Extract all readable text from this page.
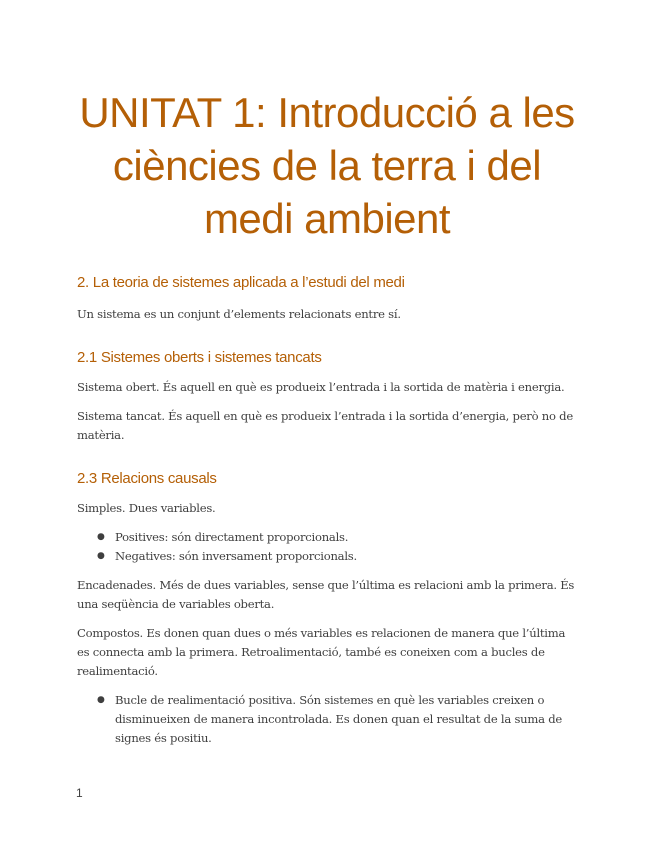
UNITAT 1: Introducció a les ciències de la terra i del medi ambient
2. La teoria de sistemes aplicada a l’estudi del medi

Un sistema es un conjunt d’elements relacionats entre sí.

2.1 Sistemes oberts i sistemes tancats

Sistema obert. És aquell en què es produeix l’entrada i la sortida de matèria i energia.

Sistema tancat. És aquell en què es produeix l’entrada i la sortida d’energia, però no de matèria.

2.3 Relacions causals

Simples. Dues variables.

● Positives: són directament proporcionals.
● Negatives: són inversament proporcionals.

Encadenades. Més de dues variables, sense que l’última es relacioni amb la primera. És una seqüència de variables oberta.

Compostos. Es donen quan dues o més variables es relacionen de manera que l’última es connecta amb la primera. Retroalimentació, també es coneixen com a bucles de realimentació.

● Bucle de realimentació positiva. Són sistemes en què les variables creixen o disminueixen de manera incontrolada. Es donen quan el resultat de la suma de signes és positiu.
1
